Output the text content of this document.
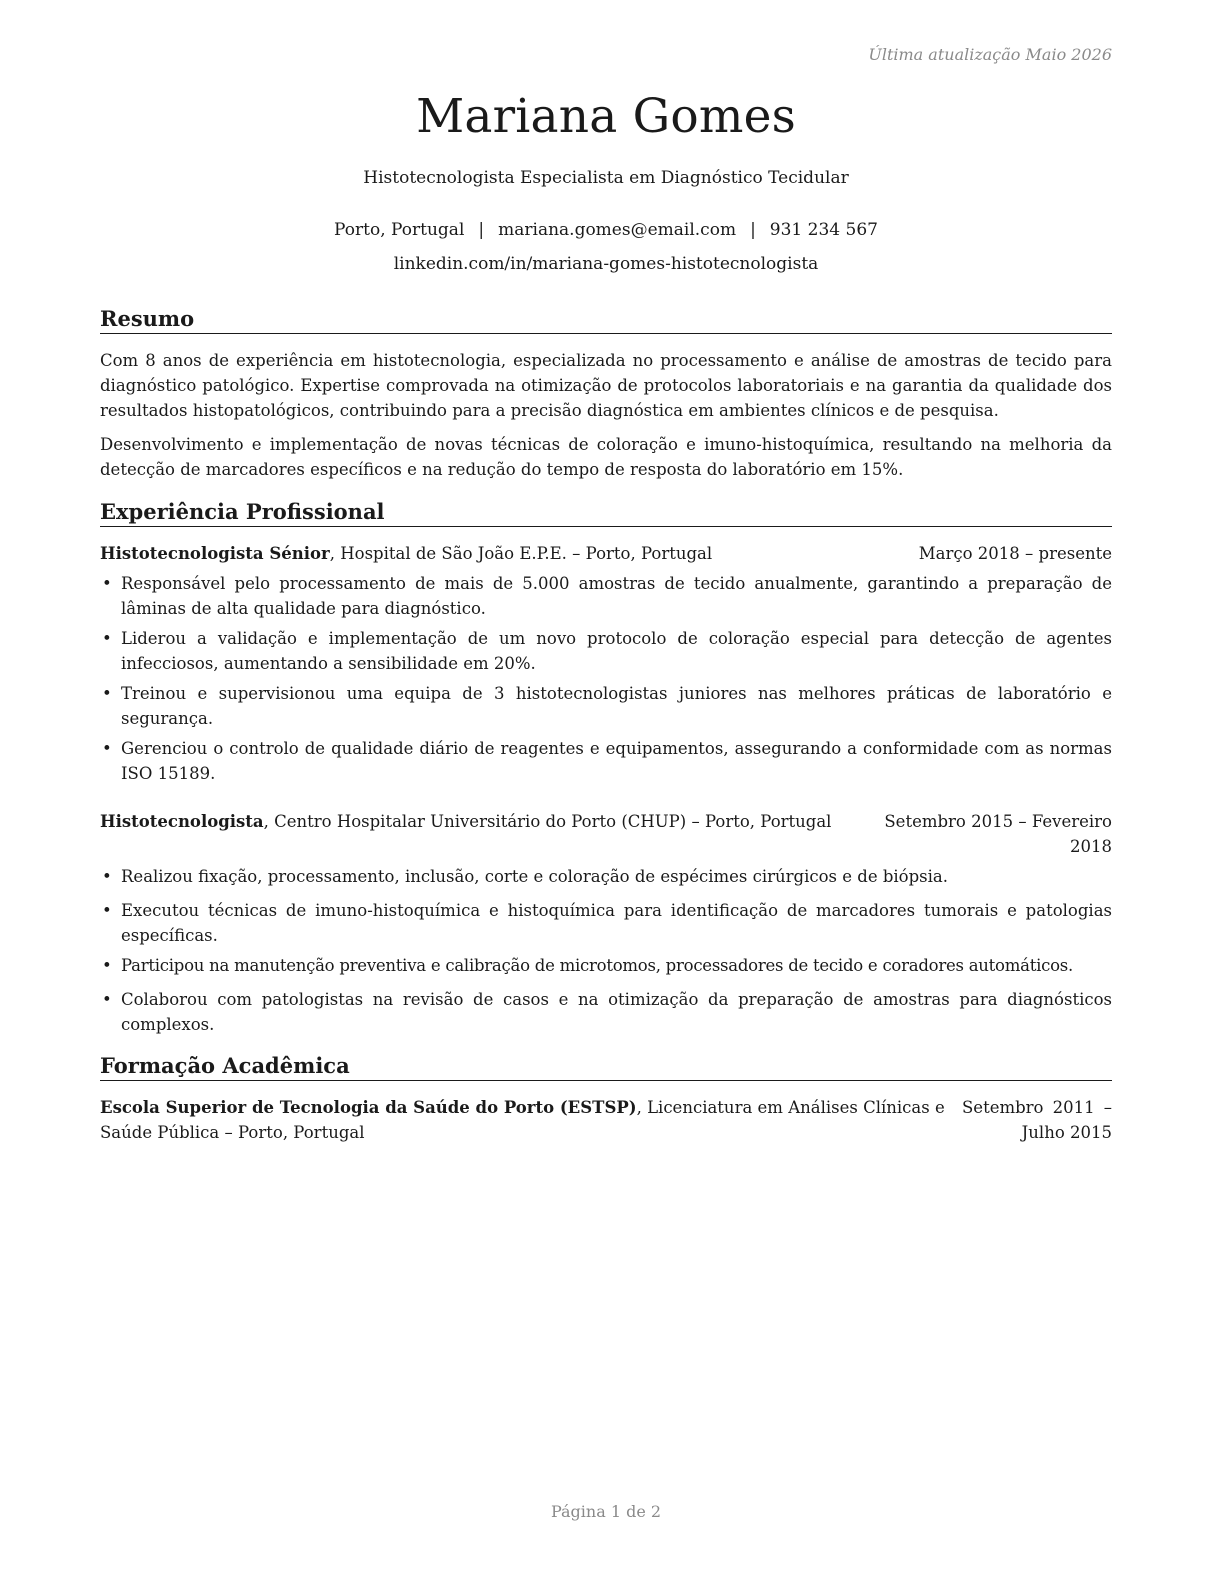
Última atualização Maio 2026
Mariana Gomes
Histotecnologista Especialista em Diagnóstico Tecidular
Porto, Portugal | mariana.gomes@email.com | 931 234 567
linkedin.com/in/mariana-gomes-histotecnologista
Resumo

Com 8 anos de experiência em histotecnologia, especializada no processamento e análise de amostras de tecido para diagnóstico patológico. Expertise comprovada na otimização de protocolos laboratoriais e na garantia da qualidade dos resultados histopatológicos, contribuindo para a precisão diagnóstica em ambientes clínicos e de pesquisa.

Desenvolvimento e implementação de novas técnicas de coloração e imuno-histoquímica, resultando na melhoria da detecção de marcadores específicos e na redução do tempo de resposta do laboratório em 15%.

Experiência Profissional
Histotecnologista Sénior, Hospital de São João E.P.E. – Porto, Portugal	Março 2018 – presente
• Responsável pelo processamento de mais de 5.000 amostras de tecido anualmente, garantindo a preparação de lâminas de alta qualidade para diagnóstico.
• Liderou a validação e implementação de um novo protocolo de coloração especial para detecção de agentes infecciosos, aumentando a sensibilidade em 20%.
• Treinou e supervisionou uma equipa de 3 histotecnologistas juniores nas melhores práticas de laboratório e segurança.
• Gerenciou o controlo de qualidade diário de reagentes e equipamentos, assegurando a conformidade com as normas ISO 15189.
Histotecnologista, Centro Hospitalar Universitário do Porto (CHUP) – Porto, Portugal	Setembro 2015 – Fevereiro 2018
• Realizou fixação, processamento, inclusão, corte e coloração de espécimes cirúrgicos e de biópsia.
• Executou técnicas de imuno-histoquímica e histoquímica para identificação de marcadores tumorais e patologias específicas.
• Participou na manutenção preventiva e calibração de microtomos, processadores de tecido e coradores automáticos.
• Colaborou com patologistas na revisão de casos e na otimização da preparação de amostras para diagnósticos complexos.
Formação Acadêmica
Escola Superior de Tecnologia da Saúde do Porto (ESTSP), Licenciatura em Análises Clínicas e Saúde Pública – Porto, Portugal
Setembro 2011 – Julho 2015
Página 1 de 2
